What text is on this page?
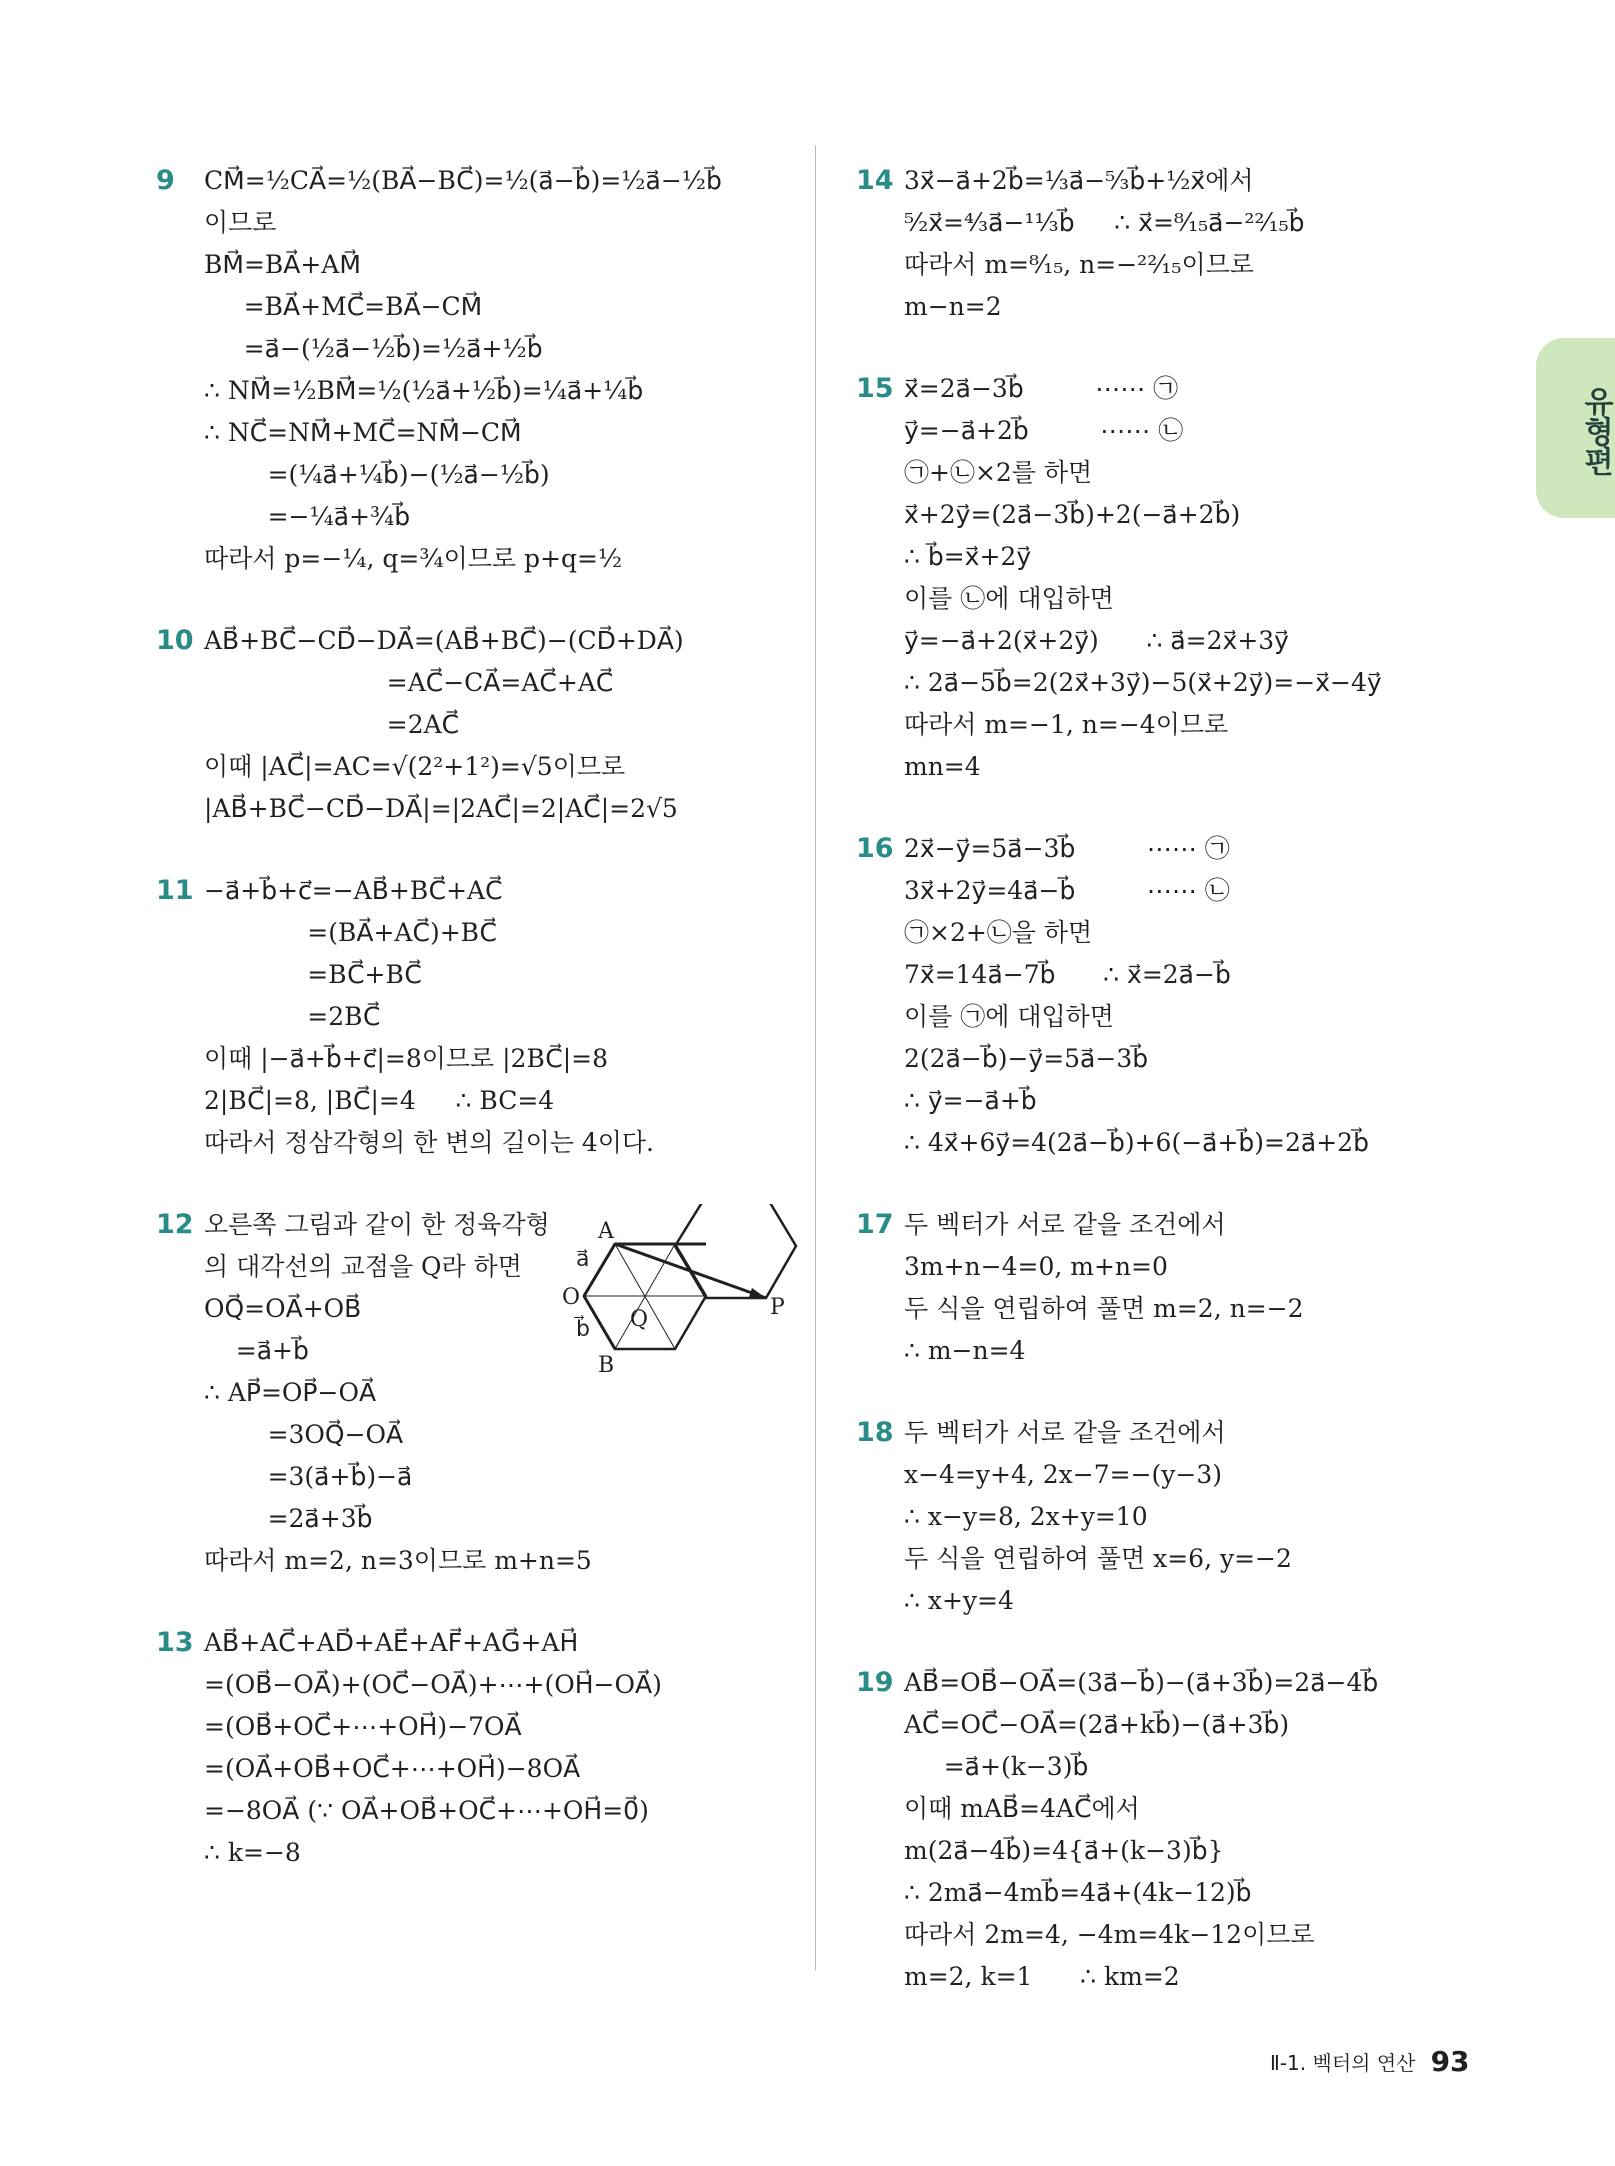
9	CM⃗=½CA⃗=½(BA⃗−BC⃗)=½(a⃗−b⃗)=½a⃗−½b⃗
이므로
BM⃗=BA⃗+AM⃗
=BA⃗+MC⃗=BA⃗−CM⃗
=a⃗−(½a⃗−½b⃗)=½a⃗+½b⃗
∴ NM⃗=½BM⃗=½(½a⃗+½b⃗)=¼a⃗+¼b⃗
∴ NC⃗=NM⃗+MC⃗=NM⃗−CM⃗
=(¼a⃗+¼b⃗)−(½a⃗−½b⃗)
=−¼a⃗+¾b⃗
따라서 p=−¼, q=¾이므로 p+q=½
10 AB⃗+BC⃗−CD⃗−DA⃗=(AB⃗+BC⃗)−(CD⃗+DA⃗)
=AC⃗−CA⃗=AC⃗+AC⃗
=2AC⃗
이때 |AC⃗|=AC=√(2²+1²)=√5이므로
|AB⃗+BC⃗−CD⃗−DA⃗|=|2AC⃗|=2|AC⃗|=2√5
11 −a⃗+b⃗+c⃗=−AB⃗+BC⃗+AC⃗
=(BA⃗+AC⃗)+BC⃗
=BC⃗+BC⃗
=2BC⃗
이때 |−a⃗+b⃗+c⃗|=8이므로 |2BC⃗|=8
2|BC⃗|=8, |BC⃗|=4     ∴ BC=4
따라서 정삼각형의 한 변의 길이는 4이다.
12 오른쪽 그림과 같이 한 정육각형
의 대각선의 교점을 Q라 하면
OQ⃗=OA⃗+OB⃗
=a⃗+b⃗
∴ AP⃗=OP⃗−OA⃗
=3OQ⃗−OA⃗
=3(a⃗+b⃗)−a⃗
=2a⃗+3b⃗
따라서 m=2, n=3이므로 m+n=5
A
O
B
P
Q
a⃗
b⃗
13 AB⃗+AC⃗+AD⃗+AE⃗+AF⃗+AG⃗+AH⃗
=(OB⃗−OA⃗)+(OC⃗−OA⃗)+⋯+(OH⃗−OA⃗)
=(OB⃗+OC⃗+⋯+OH⃗)−7OA⃗
=(OA⃗+OB⃗+OC⃗+⋯+OH⃗)−8OA⃗
=−8OA⃗ (∵ OA⃗+OB⃗+OC⃗+⋯+OH⃗=0⃗)
∴ k=−8
14 3x⃗−a⃗+2b⃗=⅓a⃗−⁵⁄₃b⃗+½x⃗에서
⁵⁄₂x⃗=⁴⁄₃a⃗−¹¹⁄₃b⃗     ∴ x⃗=⁸⁄₁₅a⃗−²²⁄₁₅b⃗
따라서 m=⁸⁄₁₅, n=−²²⁄₁₅이므로
m−n=2
15 x⃗=2a⃗−3b⃗         ⋯⋯ ㉠
y⃗=−a⃗+2b⃗         ⋯⋯ ㉡
㉠+㉡×2를 하면
x⃗+2y⃗=(2a⃗−3b⃗)+2(−a⃗+2b⃗)
∴ b⃗=x⃗+2y⃗
이를 ㉡에 대입하면
y⃗=−a⃗+2(x⃗+2y⃗)      ∴ a⃗=2x⃗+3y⃗
∴ 2a⃗−5b⃗=2(2x⃗+3y⃗)−5(x⃗+2y⃗)=−x⃗−4y⃗
따라서 m=−1, n=−4이므로
mn=4
16 2x⃗−y⃗=5a⃗−3b⃗         ⋯⋯ ㉠
3x⃗+2y⃗=4a⃗−b⃗         ⋯⋯ ㉡
㉠×2+㉡을 하면
7x⃗=14a⃗−7b⃗      ∴ x⃗=2a⃗−b⃗
이를 ㉠에 대입하면
2(2a⃗−b⃗)−y⃗=5a⃗−3b⃗
∴ y⃗=−a⃗+b⃗
∴ 4x⃗+6y⃗=4(2a⃗−b⃗)+6(−a⃗+b⃗)=2a⃗+2b⃗
17 두 벡터가 서로 같을 조건에서
3m+n−4=0, m+n=0
두 식을 연립하여 풀면 m=2, n=−2
∴ m−n=4
18 두 벡터가 서로 같을 조건에서
x−4=y+4, 2x−7=−(y−3)
∴ x−y=8, 2x+y=10
두 식을 연립하여 풀면 x=6, y=−2
∴ x+y=4
19 AB⃗=OB⃗−OA⃗=(3a⃗−b⃗)−(a⃗+3b⃗)=2a⃗−4b⃗
AC⃗=OC⃗−OA⃗=(2a⃗+kb⃗)−(a⃗+3b⃗)
=a⃗+(k−3)b⃗
이때 mAB⃗=4AC⃗에서
m(2a⃗−4b⃗)=4{a⃗+(k−3)b⃗}
∴ 2ma⃗−4mb⃗=4a⃗+(4k−12)b⃗
따라서 2m=4, −4m=4k−12이므로
m=2, k=1      ∴ km=2
유형편
Ⅱ-1. 벡터의 연산 93
